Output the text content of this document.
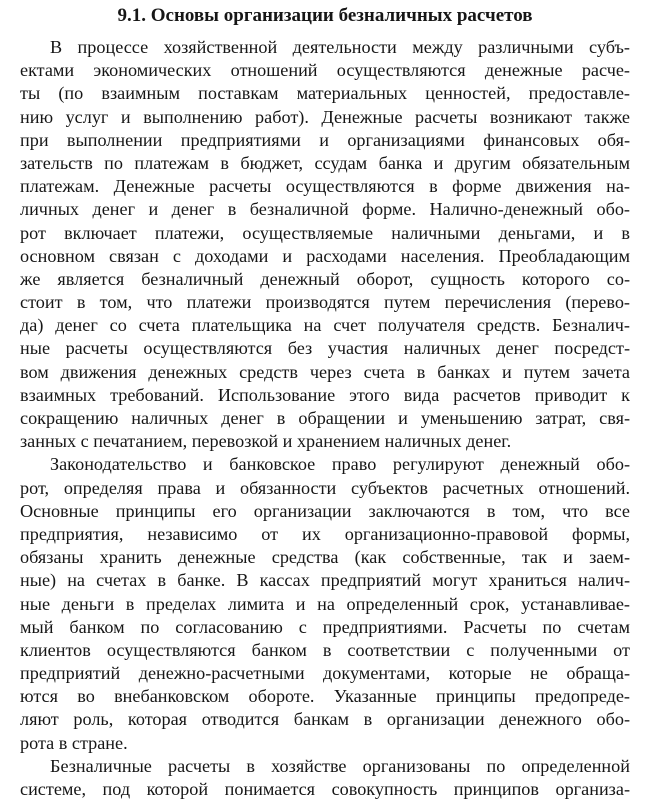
9.1. Основы организации безналичных расчетов
В процессе хозяйственной деятельности между различными субъ-
ектами экономических отношений осуществляются денежные расче-
ты (по взаимным поставкам материальных ценностей, предоставле-
нию услуг и выполнению работ). Денежные расчеты возникают также
при выполнении предприятиями и организациями финансовых обя-
зательств по платежам в бюджет, ссудам банка и другим обязательным
платежам. Денежные расчеты осуществляются в форме движения на-
личных денег и денег в безналичной форме. Налично-денежный обо-
рот включает платежи, осуществляемые наличными деньгами, и в
основном связан с доходами и расходами населения. Преобладающим
же является безналичный денежный оборот, сущность которого со-
стоит в том, что платежи производятся путем перечисления (перево-
да) денег со счета плательщика на счет получателя средств. Безналич-
ные расчеты осуществляются без участия наличных денег посредст-
вом движения денежных средств через счета в банках и путем зачета
взаимных требований. Использование этого вида расчетов приводит к
сокращению наличных денег в обращении и уменьшению затрат, свя-
занных с печатанием, перевозкой и хранением наличных денег.
Законодательство и банковское право регулируют денежный обо-
рот, определяя права и обязанности субъектов расчетных отношений.
Основные принципы его организации заключаются в том, что все
предприятия, независимо от их организационно-правовой формы,
обязаны хранить денежные средства (как собственные, так и заем-
ные) на счетах в банке. В кассах предприятий могут храниться налич-
ные деньги в пределах лимита и на определенный срок, устанавливае-
мый банком по согласованию с предприятиями. Расчеты по счетам
клиентов осуществляются банком в соответствии с полученными от
предприятий денежно-расчетными документами, которые не обраща-
ются во внебанковском обороте. Указанные принципы предопреде-
ляют роль, которая отводится банкам в организации денежного обо-
рота в стране.
Безналичные расчеты в хозяйстве организованы по определенной
системе, под которой понимается совокупность принципов организа-
